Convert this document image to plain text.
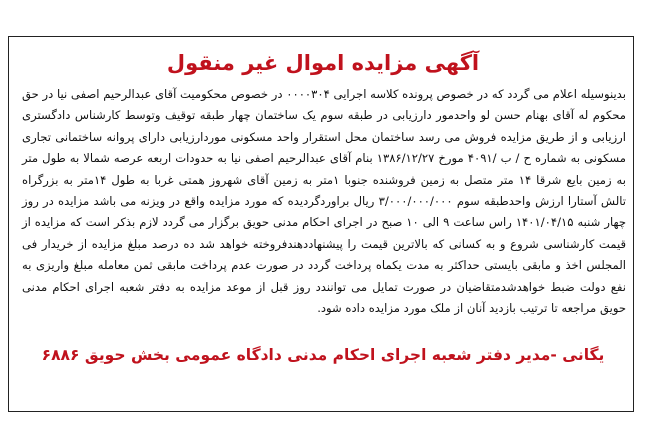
آگهی مزایده اموال غیر منقول
بدینوسیله اعلام می گردد که در خصوص پرونده کلاسه اجرایی ۰۰۰۰۳۰۴ در خصوص محکومیت آقای عبدالرحیم اصفی نیا در حق محکوم له آقای بهنام حسن لو واحدمور دارزیابی در طبقه سوم یک ساختمان چهار طبقه توقیف وتوسط کارشناس دادگستری ارزیابی و از طریق مزایده فروش می رسد ساختمان محل استقرار واحد مسکونی موردارزیابی دارای پروانه ساختمانی تجاری مسکونی به شماره ح / ب /۴۰۹۱ مورخ ۱۳۸۶/۱۲/۲۷ بنام آقای عبدالرحیم اصفی نیا به حدودات اربعه عرصه شمالا به طول متر به زمین بایع شرقا ۱۴ متر متصل به زمین فروشنده جنوبا ۱متر به زمین آقای شهروز همتی غربا به طول ۱۴متر به بزرگراه تالش آستارا ارزش واحدطبقه سوم ۳/۰۰۰/۰۰۰/۰۰۰ ریال براوردگردیده که مورد مزایده واقع در ویزنه می باشد مزایده در روز چهار شنبه ۱۴۰۱/۰۴/۱۵ راس ساعت ۹ الی ۱۰ صبح در اجرای احکام مدنی حویق برگزار می گردد لازم بذکر است که مزایده از قیمت کارشناسی شروع و به کسانی که بالاترین قیمت را پیشنهاددهندفروخته خواهد شد ده درصد مبلغ مزایده از خریدار فی المجلس اخذ و مابقی بایستی حداکثر به مدت یکماه پرداخت گردد در صورت عدم پرداخت مابقی ثمن معامله مبلغ واریزی به نفع دولت ضبط خواهدشدمتقاضیان در صورت تمایل می توانندد روز قبل از موعد مزایده به دفتر شعبه اجرای احکام مدنی حویق مراجعه تا ترتیب بازدید آنان از ملک مورد مزایده داده شود.
یگانی -مدیر دفتر شعبه اجرای احکام مدنی دادگاه عمومی بخش حویق ۶۸۸۶
